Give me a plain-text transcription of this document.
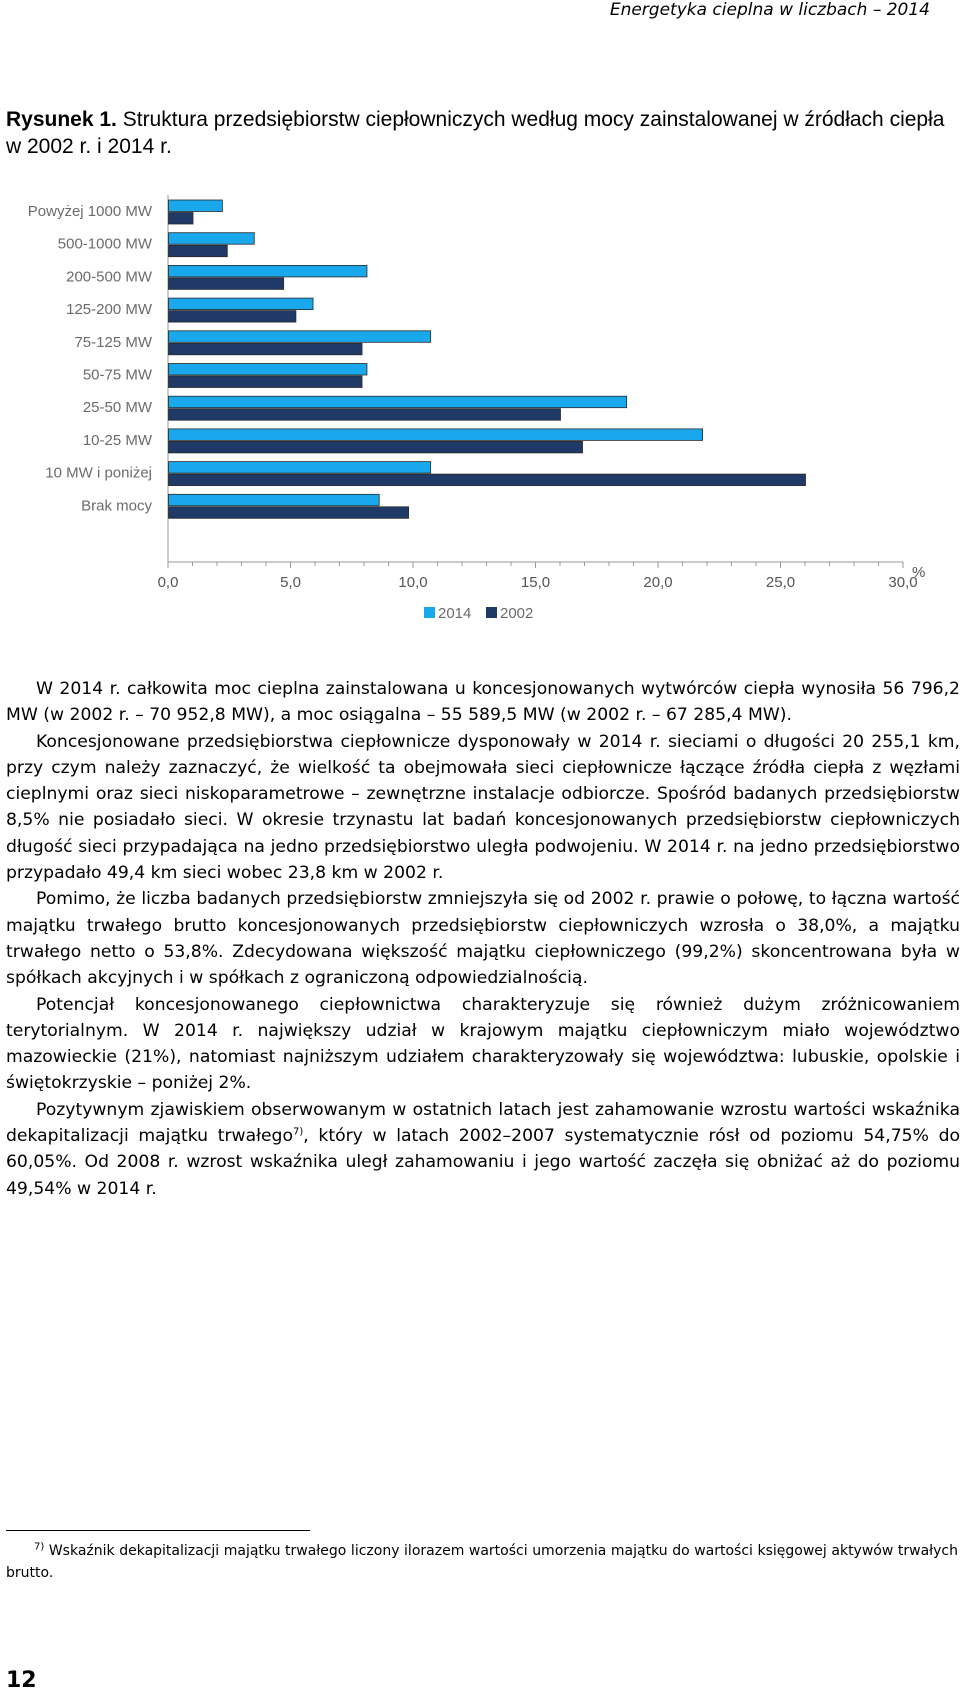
Energetyka cieplna w liczbach – 2014
Rysunek 1. Struktura przedsiębiorstw ciepłowniczych według mocy zainstalowanej w źródłach ciepła w 2002 r. i 2014 r.
0,0	5,0	10,0	15,0	20,0	25,0	30,0
%
Powyżej 1000 MW
500-1000 MW
200-500 MW
125-200 MW
75-125 MW
50-75 MW
25-50 MW
10-25 MW
10 MW i poniżej
Brak mocy
2014 2002

W 2014 r. całkowita moc cieplna zainstalowana u koncesjonowanych wytwórców ciepła wynosiła 56 796,2 MW (w 2002 r. – 70 952,8 MW), a moc osiągalna – 55 589,5 MW (w 2002 r. – 67 285,4 MW).

Koncesjonowane przedsiębiorstwa ciepłownicze dysponowały w 2014 r. sieciami o długości 20 255,1 km, przy czym należy zaznaczyć, że wielkość ta obejmowała sieci ciepłownicze łączące źródła ciepła z węzłami cieplnymi oraz sieci niskoparametrowe – zewnętrzne instalacje odbiorcze. Spośród badanych przedsiębiorstw 8,5% nie posiadało sieci. W okresie trzynastu lat badań koncesjonowanych przedsiębiorstw ciepłowniczych długość sieci przypadająca na jedno przedsiębiorstwo uległa podwojeniu. W 2014 r. na jedno przedsiębiorstwo przypadało 49,4 km sieci wobec 23,8 km w 2002 r.

Pomimo, że liczba badanych przedsiębiorstw zmniejszyła się od 2002 r. prawie o połowę, to łączna wartość majątku trwałego brutto koncesjonowanych przedsiębiorstw ciepłowniczych wzrosła o 38,0%, a majątku trwałego netto o 53,8%. Zdecydowana większość majątku ciepłowniczego (99,2%) skoncentrowana była w spółkach akcyjnych i w spółkach z ograniczoną odpowiedzialnością.

Potencjał koncesjonowanego ciepłownictwa charakteryzuje się również dużym zróżnicowaniem terytorialnym. W 2014 r. największy udział w krajowym majątku ciepłowniczym miało województwo mazowieckie (21%), natomiast najniższym udziałem charakteryzowały się województwa: lubuskie, opolskie i świętokrzyskie – poniżej 2%.

Pozytywnym zjawiskiem obserwowanym w ostatnich latach jest zahamowanie wzrostu wartości wskaźnika dekapitalizacji majątku trwałego$^{7)}$, który w latach 2002–2007 systematycznie rósł od poziomu 54,75% do 60,05%. Od 2008 r. wzrost wskaźnika uległ zahamowaniu i jego wartość zaczęła się obniżać aż do poziomu 49,54% w 2014 r.

$^{7)}$ Wskaźnik dekapitalizacji majątku trwałego liczony ilorazem wartości umorzenia majątku do wartości księgowej aktywów trwałych brutto.
12
